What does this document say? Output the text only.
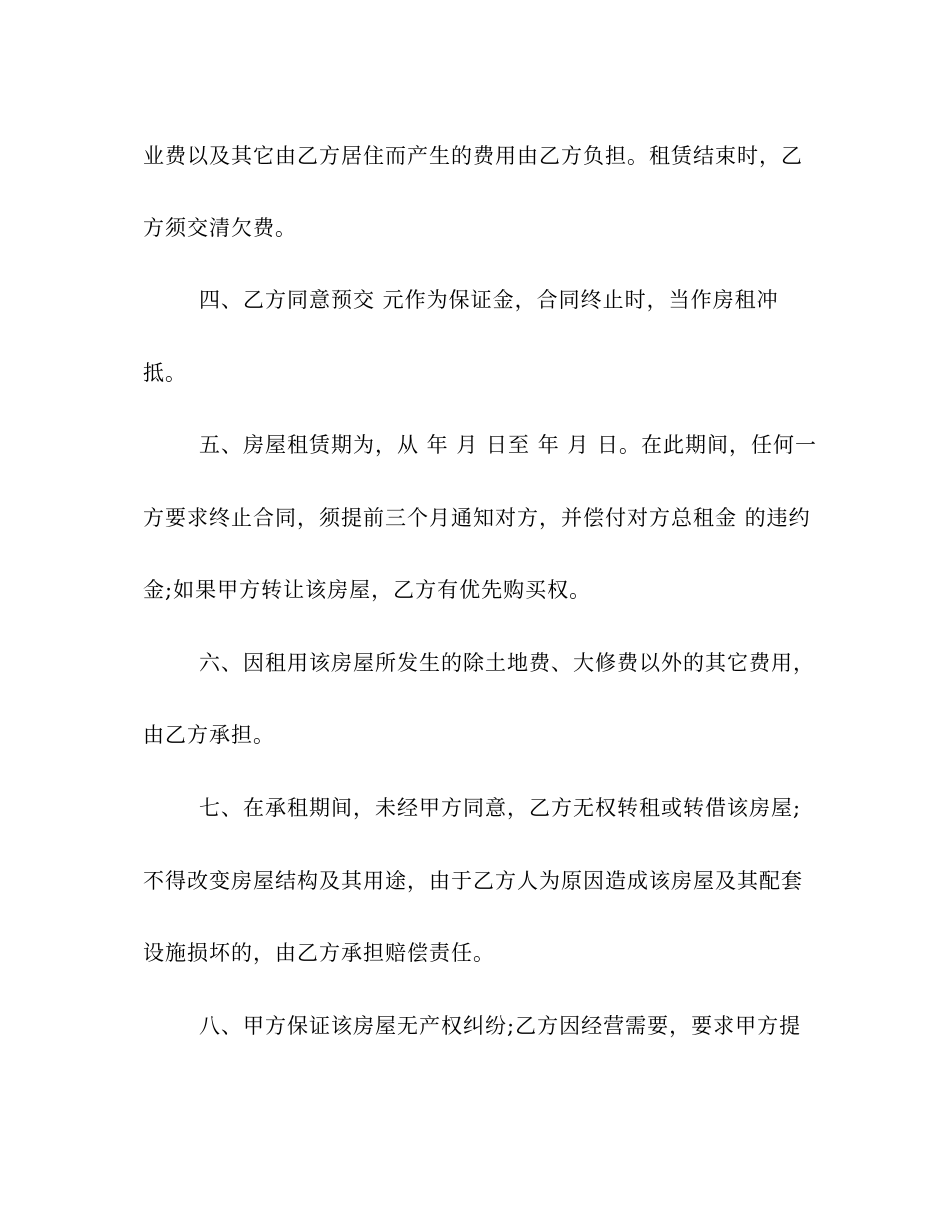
业费以及其它由乙方居住而产生的费用由乙方负担。租赁结束时，乙

方须交清欠费。

四、乙方同意预交 元作为保证金，合同终止时，当作房租冲

抵。

五、房屋租赁期为，从 年 月 日至 年 月 日。在此期间，任何一

方要求终止合同，须提前三个月通知对方，并偿付对方总租金 的违约

金;如果甲方转让该房屋，乙方有优先购买权。

六、因租用该房屋所发生的除土地费、大修费以外的其它费用，

由乙方承担。

七、在承租期间，未经甲方同意，乙方无权转租或转借该房屋;

不得改变房屋结构及其用途，由于乙方人为原因造成该房屋及其配套

设施损坏的，由乙方承担赔偿责任。

八、甲方保证该房屋无产权纠纷;乙方因经营需要，要求甲方提
